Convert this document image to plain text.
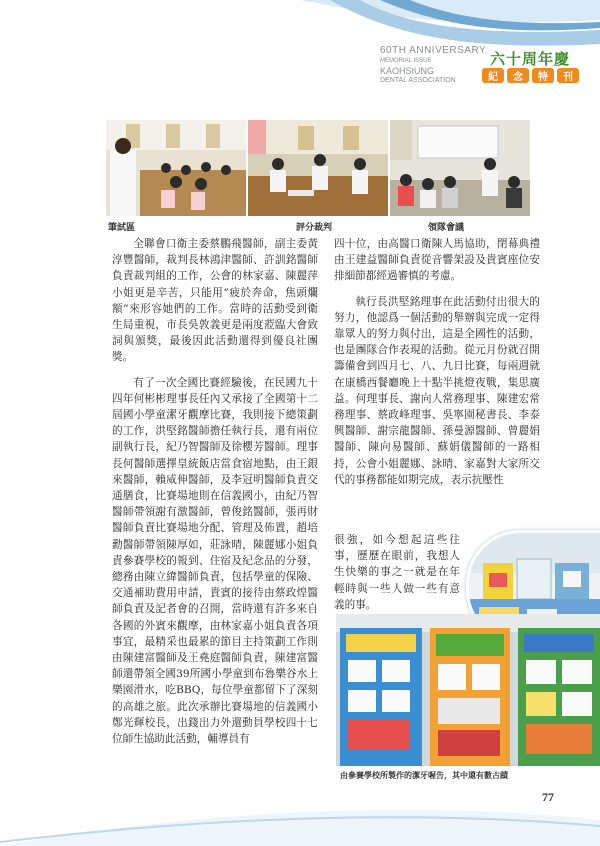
60TH ANNIVERSARY
MEMORIAL ISSUE
KAOHSIUNG
DENTAL ASSOCIATION
六十周年慶
紀	念	特	刊
筆試區	評分裁判	領隊會議

全聯會口衛主委蔡鵬飛醫師，副主委黃淳豐醫師，裁判長林鴻津醫師、許訓銘醫師負責裁判組的工作，公會的林家嘉、陳麗萍小姐更是辛苦，只能用”疲於奔命，焦頭爛額”來形容她們的工作。當時的活動受到衛生局重視，市長吳敦義更是兩度蒞臨大會致詞與頒獎，最後因此活動還得到優良社團獎。

有了一次全國比賽經驗後，在民國九十四年何彬彬理事長任內又承接了全國第十二屆國小學童潔牙觀摩比賽，我則接下總策劃的工作，洪堅銘醫師擔任執行長，還有兩位副執行長，紀乃智醫師及徐櫻芳醫師。理事長何醫師選擇皇統飯店當食宿地點，由王銀來醫師，賴威伸醫師，及李冠明醫師負責交通膳食，比賽場地則在信義國小，由紀乃智醫師帶領謝有激醫師，曾俊銘醫師，張再財醫師負責比賽場地分配、管理及佈置，趙培勳醫師帶領陳厚如，莊詠晴，陳麗娜小姐負責參賽學校的報到、住宿及紀念品的分發，總務由陳立緯醫師負責，包括學童的保險、交通補助費用申請，貴賓的接待由蔡政煌醫師負責及記者會的召開，當時還有許多來自各國的外賓來觀摩，由林家嘉小姐負責各項事宜，最精采也最累的節目主持策劃工作則由陳建富醫師及王堯庭醫師負責，陳建富醫師還帶領全國39所國小學童到布魯樂谷水上樂園滑水，吃BBQ，每位學童都留下了深刻的高雄之旅。此次承辦比賽場地的信義國小鄭光輝校長，出錢出力外還動員學校四十七位師生協助此活動，輔導員有

四十位，由高醫口衛陳人馬協助，閉幕典禮由王建益醫師負責從音響架設及貴賓座位安排細節都經過審慎的考慮。

執行長洪堅銘理事在此活動付出很大的努力，他認爲一個活動的舉辦與完成一定得靠眾人的努力與付出，這是全國性的活動，也是團隊合作表現的活動。從元月份就召開籌備會到四月七、八、九日比賽，每兩週就在康橋西餐廳晚上十點半挑燈夜戰，集思廣益。何理事長、謝向人常務理事、陳建宏常務理事、蔡政峰理事、吳寧園秘書長、李泰興醫師、謝宗龍醫師、孫曼源醫師、曾麗娟醫師、陳向易醫師、蘇娟儀醫師的一路相持，公會小姐麗娜、詠晴、家嘉對大家所交代的事務都能如期完成，表示抗壓性

很強，如今想起這些往事，歷歷在眼前，我想人生快樂的事之一就是在年輕時與一些人做一些有意義的事。

由參賽學校所製作的潔牙喔告，其中還有數古蹟
77
